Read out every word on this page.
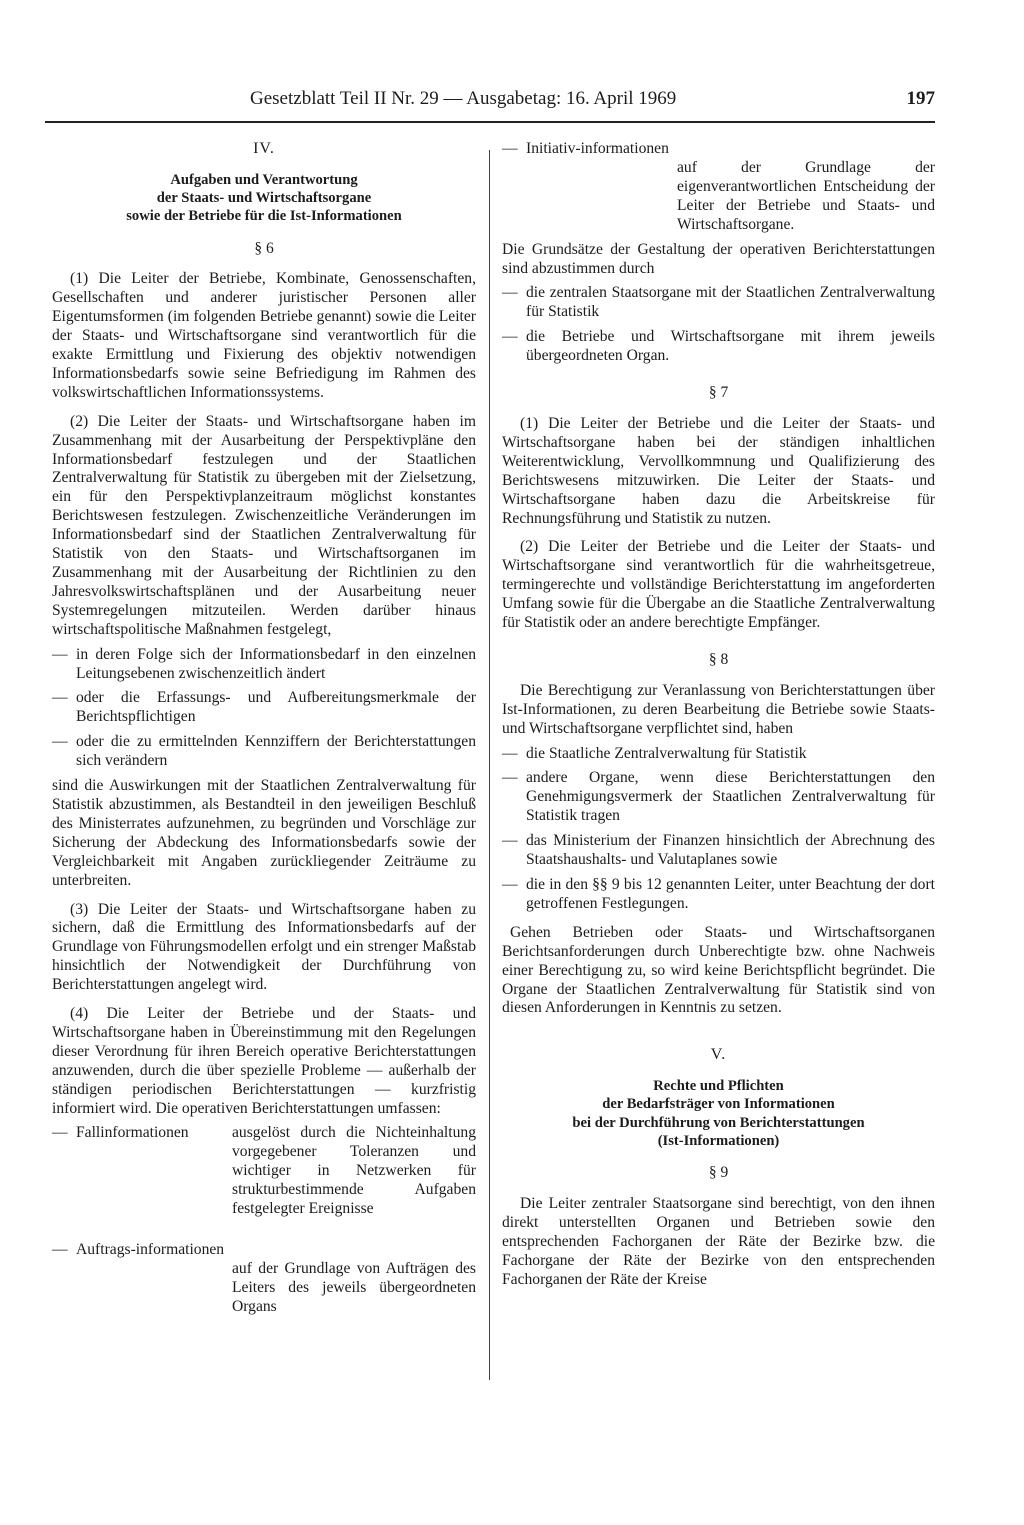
Gesetzblatt Teil II Nr. 29 — Ausgabetag: 16. April 1969	197
IV.
Aufgaben und Verantwortung
der Staats- und Wirtschaftsorgane
sowie der Betriebe für die Ist-Informationen
§ 6

(1) Die Leiter der Betriebe, Kombinate, Genossenschaften, Gesellschaften und anderer juristischer Personen aller Eigentumsformen (im folgenden Betriebe genannt) sowie die Leiter der Staats- und Wirtschaftsorgane sind verantwortlich für die exakte Ermittlung und Fixierung des objektiv notwendigen Informationsbedarfs sowie seine Befriedigung im Rahmen des volkswirtschaftlichen Informationssystems.

(2) Die Leiter der Staats- und Wirtschaftsorgane haben im Zusammenhang mit der Ausarbeitung der Perspektivpläne den Informationsbedarf festzulegen und der Staatlichen Zentralverwaltung für Statistik zu übergeben mit der Zielsetzung, ein für den Perspektivplanzeitraum möglichst konstantes Berichtswesen festzulegen. Zwischenzeitliche Veränderungen im Informationsbedarf sind der Staatlichen Zentralverwaltung für Statistik von den Staats- und Wirtschaftsorganen im Zusammenhang mit der Ausarbeitung der Richtlinien zu den Jahresvolkswirtschaftsplänen und der Ausarbeitung neuer Systemregelungen mitzuteilen. Werden darüber hinaus wirtschaftspolitische Maßnahmen festgelegt,

— in deren Folge sich der Informationsbedarf in den einzelnen Leitungsebenen zwischenzeitlich ändert
— oder die Erfassungs- und Aufbereitungsmerkmale der Berichtspflichtigen
— oder die zu ermittelnden Kennziffern der Berichterstattungen sich verändern

sind die Auswirkungen mit der Staatlichen Zentralverwaltung für Statistik abzustimmen, als Bestandteil in den jeweiligen Beschluß des Ministerrates aufzunehmen, zu begründen und Vorschläge zur Sicherung der Abdeckung des Informationsbedarfs sowie der Vergleichbarkeit mit Angaben zurückliegender Zeiträume zu unterbreiten.

(3) Die Leiter der Staats- und Wirtschaftsorgane haben zu sichern, daß die Ermittlung des Informationsbedarfs auf der Grundlage von Führungsmodellen erfolgt und ein strenger Maßstab hinsichtlich der Notwendigkeit der Durchführung von Berichterstattungen angelegt wird.

(4) Die Leiter der Betriebe und der Staats- und Wirtschaftsorgane haben in Übereinstimmung mit den Regelungen dieser Verordnung für ihren Bereich operative Berichterstattungen anzuwenden, durch die über spezielle Probleme — außerhalb der ständigen periodischen Berichterstattungen — kurzfristig informiert wird. Die operativen Berichterstattungen umfassen:

— Fallinformationen	ausgelöst durch die Nichteinhaltung vorgegebener Toleranzen und wichtiger in Netzwerken für strukturbestimmende Aufgaben festgelegter Ereignisse
— Auftrags-informationen
auf der Grundlage von Aufträgen des Leiters des jeweils übergeordneten Organs
— Initiativ-informationen
auf der Grundlage der eigenverantwortlichen Entscheidung der Leiter der Betriebe und Staats- und Wirtschaftsorgane.

Die Grundsätze der Gestaltung der operativen Berichterstattungen sind abzustimmen durch

— die zentralen Staatsorgane mit der Staatlichen Zentralverwaltung für Statistik
— die Betriebe und Wirtschaftsorgane mit ihrem jeweils übergeordneten Organ.
§ 7

(1) Die Leiter der Betriebe und die Leiter der Staats- und Wirtschaftsorgane haben bei der ständigen inhaltlichen Weiterentwicklung, Vervollkommnung und Qualifizierung des Berichtswesens mitzuwirken. Die Leiter der Staats- und Wirtschaftsorgane haben dazu die Arbeitskreise für Rechnungsführung und Statistik zu nutzen.

(2) Die Leiter der Betriebe und die Leiter der Staats- und Wirtschaftsorgane sind verantwortlich für die wahrheitsgetreue, termingerechte und vollständige Berichterstattung im angeforderten Umfang sowie für die Übergabe an die Staatliche Zentralverwaltung für Statistik oder an andere berechtigte Empfänger.

§ 8

Die Berechtigung zur Veranlassung von Berichterstattungen über Ist-Informationen, zu deren Bearbeitung die Betriebe sowie Staats- und Wirtschaftsorgane verpflichtet sind, haben

— die Staatliche Zentralverwaltung für Statistik
— andere Organe, wenn diese Berichterstattungen den Genehmigungsvermerk der Staatlichen Zentralverwaltung für Statistik tragen
— das Ministerium der Finanzen hinsichtlich der Abrechnung des Staatshaushalts- und Valutaplanes sowie
— die in den §§ 9 bis 12 genannten Leiter, unter Beachtung der dort getroffenen Festlegungen.

Gehen Betrieben oder Staats- und Wirtschaftsorganen Berichtsanforderungen durch Unberechtigte bzw. ohne Nachweis einer Berechtigung zu, so wird keine Berichtspflicht begründet. Die Organe der Staatlichen Zentralverwaltung für Statistik sind von diesen Anforderungen in Kenntnis zu setzen.

V.
Rechte und Pflichten
der Bedarfsträger von Informationen
bei der Durchführung von Berichterstattungen
(Ist-Informationen)
§ 9

Die Leiter zentraler Staatsorgane sind berechtigt, von den ihnen direkt unterstellten Organen und Betrieben sowie den entsprechenden Fachorganen der Räte der Bezirke bzw. die Fachorgane der Räte der Bezirke von den entsprechenden Fachorganen der Räte der Kreise
